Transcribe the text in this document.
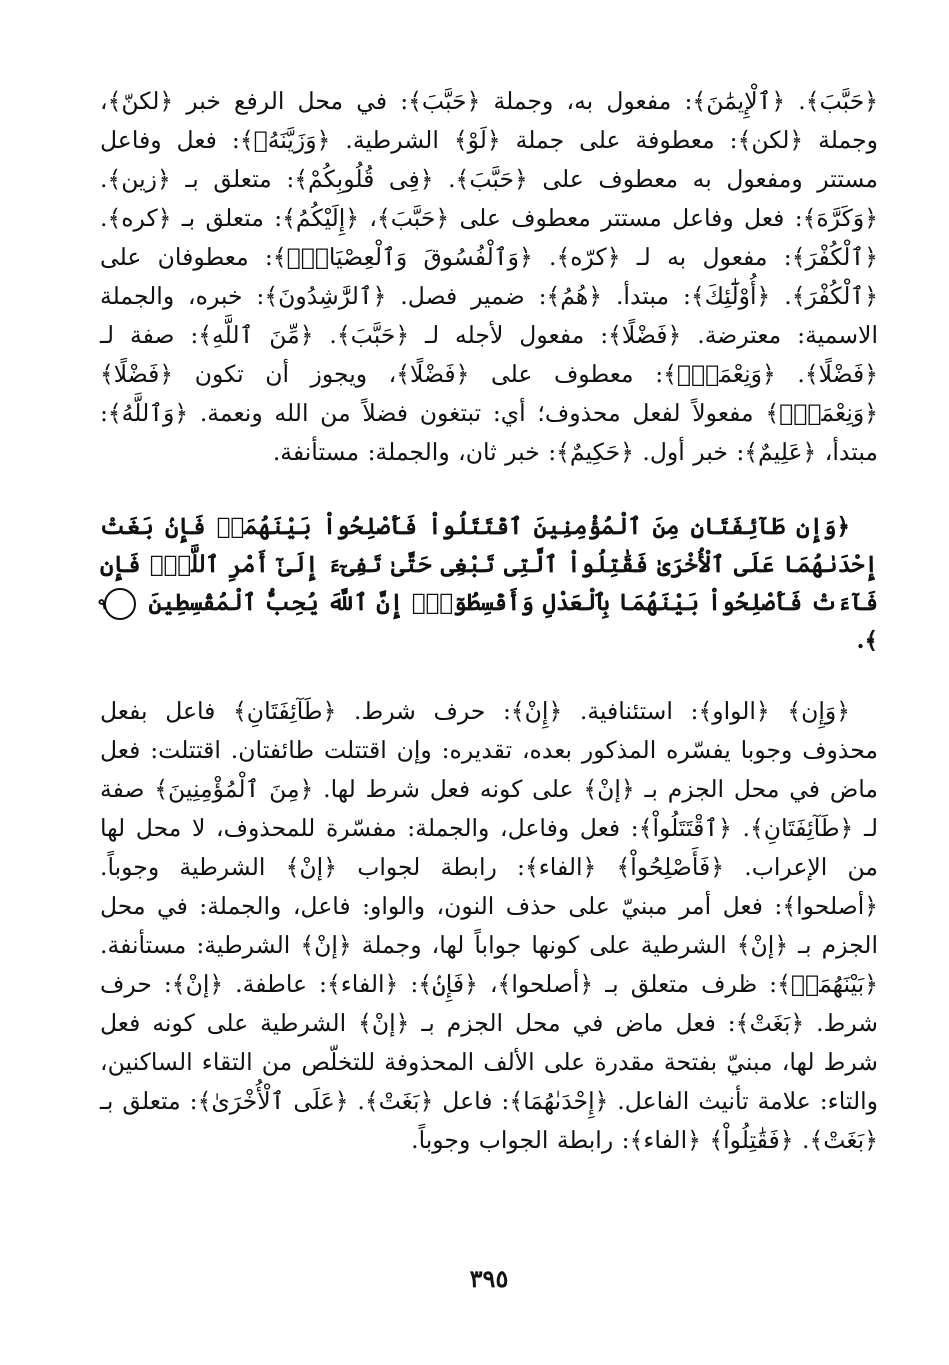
﴿حَبَّبَ﴾. ﴿ٱلْإِيمَٰنَ﴾: مفعول به، وجملة ﴿حَبَّبَ﴾: في محل الرفع خبر ﴿لكنّ﴾، وجملة ﴿لكن﴾: معطوفة على جملة ﴿لَوْ﴾ الشرطية. ﴿وَزَيَّنَهُۥ﴾: فعل وفاعل مستتر ومفعول به معطوف على ﴿حَبَّبَ﴾. ﴿فِى قُلُوبِكُمْ﴾: متعلق بـ ﴿زين﴾. ﴿وَكَرَّهَ﴾: فعل وفاعل مستتر معطوف على ﴿حَبَّبَ﴾، ﴿إِلَيْكُمُ﴾: متعلق بـ ﴿كره﴾. ﴿ٱلْكُفْرَ﴾: مفعول به لـ ﴿كرّه﴾. ﴿وَٱلْفُسُوقَ وَٱلْعِصْيَانَۚ﴾: معطوفان على ﴿ٱلْكُفْرَ﴾. ﴿أُوْلَٰٓئِكَ﴾: مبتدأ. ﴿هُمُ﴾: ضمير فصل. ﴿ٱلرَّٰشِدُونَ﴾: خبره، والجملة الاسمية: معترضة. ﴿فَضْلًا﴾: مفعول لأجله لـ ﴿حَبَّبَ﴾. ﴿مِّنَ ٱللَّهِ﴾: صفة لـ ﴿فَضْلًا﴾. ﴿وَنِعْمَةًۚ﴾: معطوف على ﴿فَضْلًا﴾، ويجوز أن تكون ﴿فَضْلًا﴾ ﴿وَنِعْمَةًۚ﴾ مفعولاً لفعل محذوف؛ أي: تبتغون فضلاً من الله ونعمة. ﴿وَٱللَّهُ﴾: مبتدأ، ﴿عَلِيمٌ﴾: خبر أول. ﴿حَكِيمٌ﴾: خبر ثان، والجملة: مستأنفة.

﴿وَإِن طَآئِفَتَانِ مِنَ ٱلْمُؤْمِنِينَ ٱقْتَتَلُواْ فَأَصْلِحُواْ بَيْنَهُمَاۖ فَإِنۢ بَغَتْ إِحْدَىٰهُمَا عَلَى ٱلْأُخْرَىٰ فَقَٰتِلُواْ ٱلَّتِى تَبْغِى حَتَّىٰ تَفِىٓءَ إِلَىٰٓ أَمْرِ ٱللَّهِۚ فَإِن فَآءَتْ فَأَصْلِحُواْ بَيْنَهُمَا بِٱلْعَدْلِ وَأَقْسِطُوٓاْۖ إِنَّ ٱللَّهَ يُحِبُّ ٱلْمُقْسِطِينَ ٩﴾.

﴿وَإِن﴾ ﴿الواو﴾: استئنافية. ﴿إِنْ﴾: حرف شرط. ﴿طَآئِفَتَانِ﴾ فاعل بفعل محذوف وجوبا يفسّره المذكور بعده، تقديره: وإن اقتتلت طائفتان. اقتتلت: فعل ماض في محل الجزم بـ ﴿إنْ﴾ على كونه فعل شرط لها. ﴿مِنَ ٱلْمُؤْمِنِينَ﴾ صفة لـ ﴿طَآئِفَتَانِ﴾. ﴿ٱقْتَتَلُواْ﴾: فعل وفاعل، والجملة: مفسّرة للمحذوف، لا محل لها من الإعراب. ﴿فَأَصْلِحُواْ﴾ ﴿الفاء﴾: رابطة لجواب ﴿إنْ﴾ الشرطية وجوباً. ﴿أصلحوا﴾: فعل أمر مبنيّ على حذف النون، والواو: فاعل، والجملة: في محل الجزم بـ ﴿إنْ﴾ الشرطية على كونها جواباً لها، وجملة ﴿إنْ﴾ الشرطية: مستأنفة. ﴿بَيْنَهُمَاۖ﴾: ظرف متعلق بـ ﴿أصلحوا﴾، ﴿فَإِنۢ﴾: ﴿الفاء﴾: عاطفة. ﴿إنْ﴾: حرف شرط. ﴿بَغَتْ﴾: فعل ماض في محل الجزم بـ ﴿إنْ﴾ الشرطية على كونه فعل شرط لها، مبنيّ بفتحة مقدرة على الألف المحذوفة للتخلّص من التقاء الساكنين، والتاء: علامة تأنيث الفاعل. ﴿إِحْدَىٰهُمَا﴾: فاعل ﴿بَغَتْ﴾. ﴿عَلَى ٱلْأُخْرَىٰ﴾: متعلق بـ ﴿بَغَتْ﴾. ﴿فَقَٰتِلُواْ﴾ ﴿الفاء﴾: رابطة الجواب وجوباً.

٣٩٥
